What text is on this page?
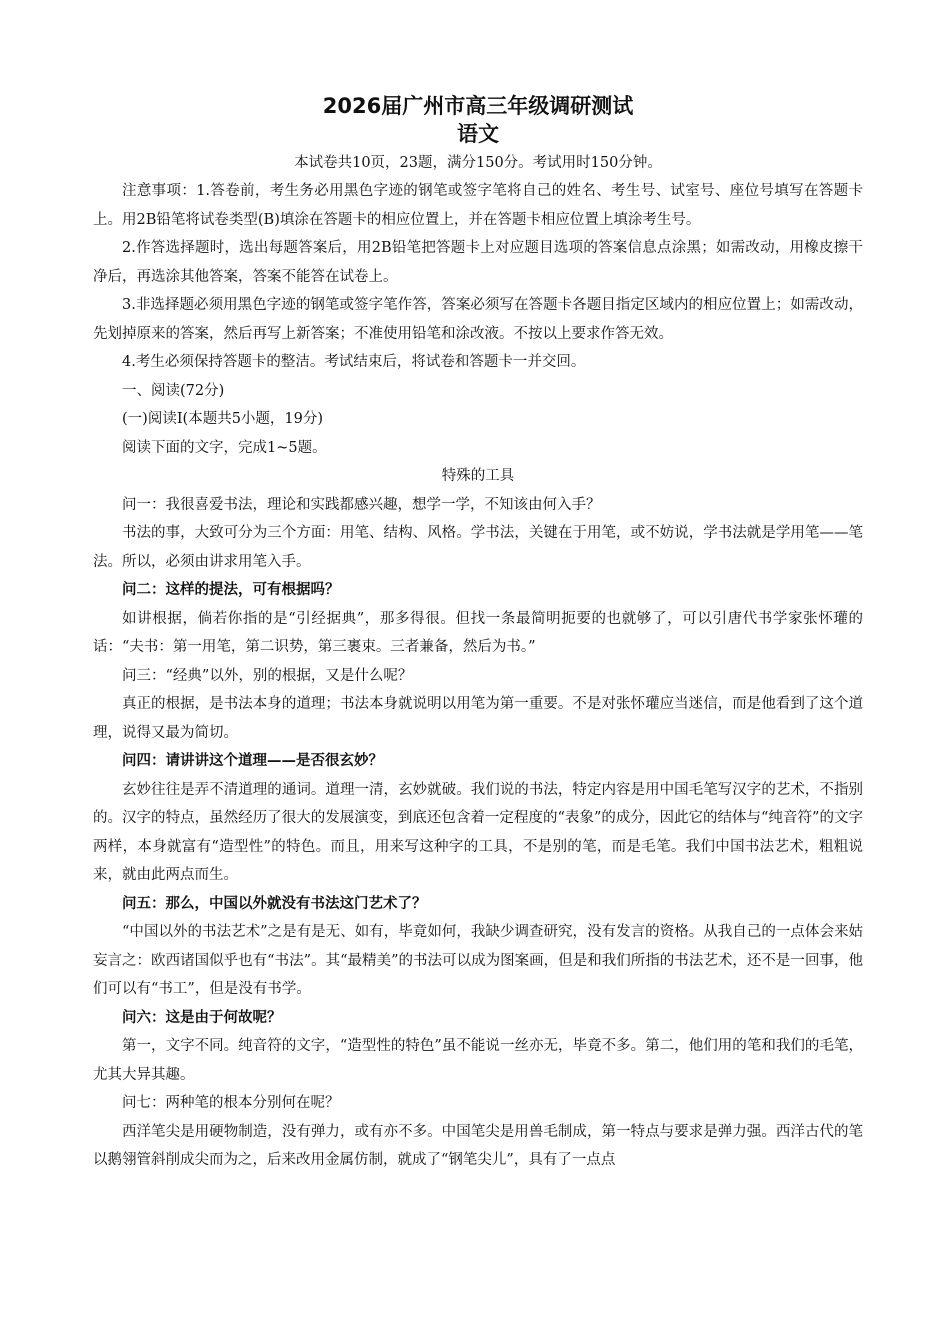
2026届广州市高三年级调研测试
语文

本试卷共10页，23题，满分150分。考试用时150分钟。

注意事项：1.答卷前，考生务必用黑色字迹的钢笔或签字笔将自己的姓名、考生号、试室号、座位号填写在答题卡上。用2B铅笔将试卷类型(B)填涂在答题卡的相应位置上，并在答题卡相应位置上填涂考生号。

2.作答选择题时，选出每题答案后，用2B铅笔把答题卡上对应题目选项的答案信息点涂黑；如需改动，用橡皮擦干净后，再选涂其他答案，答案不能答在试卷上。

3.非选择题必须用黑色字迹的钢笔或签字笔作答，答案必须写在答题卡各题目指定区域内的相应位置上；如需改动，先划掉原来的答案，然后再写上新答案；不准使用铅笔和涂改液。不按以上要求作答无效。

4.考生必须保持答题卡的整洁。考试结束后，将试卷和答题卡一并交回。

一、阅读(72分)

(一)阅读Ⅰ(本题共5小题，19分)

阅读下面的文字，完成1~5题。

特殊的工具

问一：我很喜爱书法，理论和实践都感兴趣，想学一学，不知该由何入手？

书法的事，大致可分为三个方面：用笔、结构、风格。学书法，关键在于用笔，或不妨说，学书法就是学用笔——笔法。所以，必须由讲求用笔入手。

问二：这样的提法，可有根据吗？

如讲根据，倘若你指的是“引经据典”，那多得很。但找一条最简明扼要的也就够了，可以引唐代书学家张怀瓘的话：“夫书：第一用笔，第二识势，第三裹束。三者兼备，然后为书。”

问三：“经典”以外，别的根据，又是什么呢？

真正的根据，是书法本身的道理；书法本身就说明以用笔为第一重要。不是对张怀瓘应当迷信，而是他看到了这个道理，说得又最为简切。

问四：请讲讲这个道理——是否很玄妙？

玄妙往往是弄不清道理的通词。道理一清，玄妙就破。我们说的书法，特定内容是用中国毛笔写汉字的艺术，不指别的。汉字的特点，虽然经历了很大的发展演变，到底还包含着一定程度的“表象”的成分，因此它的结体与“纯音符”的文字两样，本身就富有“造型性”的特色。而且，用来写这种字的工具，不是别的笔，而是毛笔。我们中国书法艺术，粗粗说来，就由此两点而生。

问五：那么，中国以外就没有书法这门艺术了？

“中国以外的书法艺术”之是有是无、如有，毕竟如何，我缺少调查研究，没有发言的资格。从我自己的一点体会来姑妄言之：欧西诸国似乎也有“书法”。其“最精美”的书法可以成为图案画，但是和我们所指的书法艺术，还不是一回事，他们可以有“书工”，但是没有书学。

问六：这是由于何故呢？

第一，文字不同。纯音符的文字，“造型性的特色”虽不能说一丝亦无，毕竟不多。第二，他们用的笔和我们的毛笔，尤其大异其趣。

问七：两种笔的根本分别何在呢？

西洋笔尖是用硬物制造，没有弹力，或有亦不多。中国笔尖是用兽毛制成，第一特点与要求是弹力强。西洋古代的笔以鹅翎管斜削成尖而为之，后来改用金属仿制，就成了“钢笔尖儿”，具有了一点点
